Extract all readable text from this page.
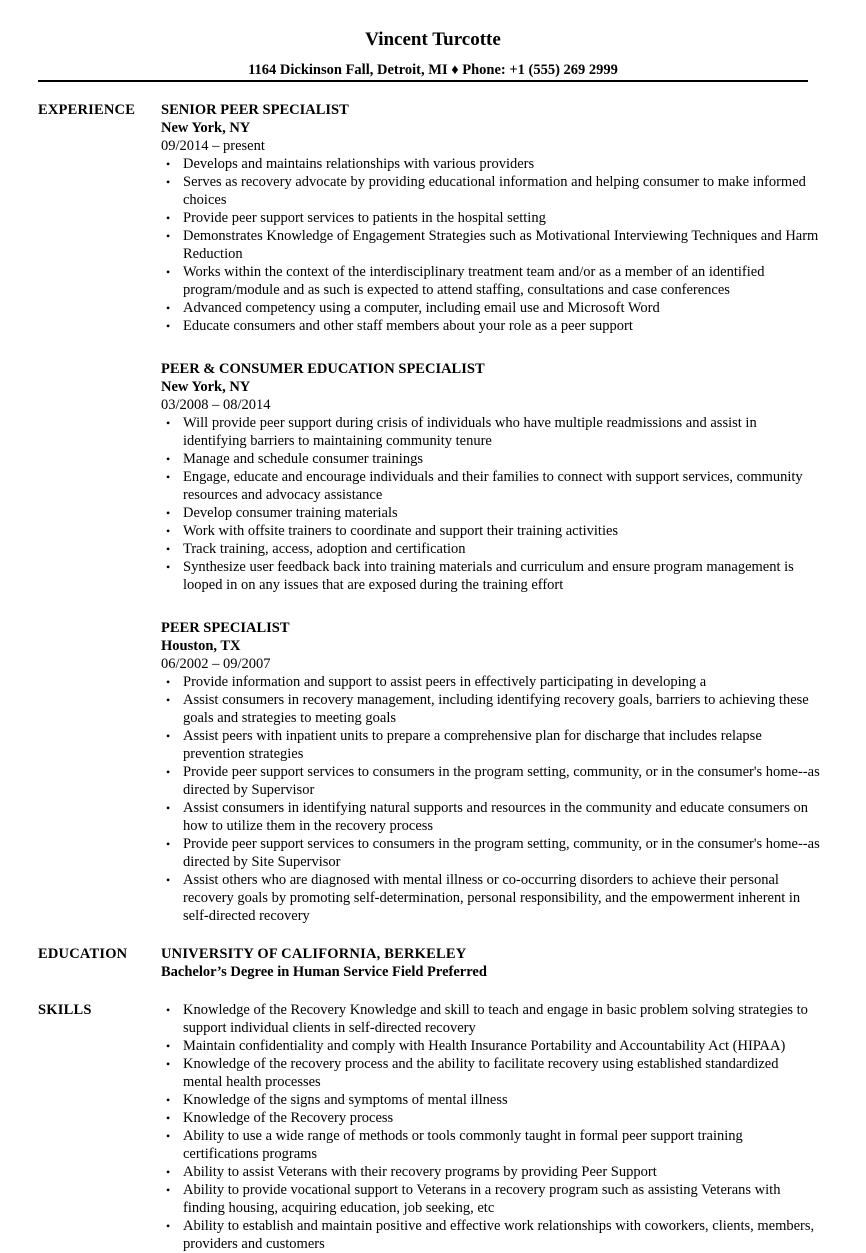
Vincent Turcotte
1164 Dickinson Fall, Detroit, MI ♦ Phone: +1 (555) 269 2999
EXPERIENCE SENIOR PEER SPECIALIST
New York, NY
09/2014 – present
• Develops and maintains relationships with various providers
• Serves as recovery advocate by providing educational information and helping consumer to make informed choices
• Provide peer support services to patients in the hospital setting
• Demonstrates Knowledge of Engagement Strategies such as Motivational Interviewing Techniques and Harm Reduction
• Works within the context of the interdisciplinary treatment team and/or as a member of an identified program/module and as such is expected to attend staffing, consultations and case conferences
• Advanced competency using a computer, including email use and Microsoft Word
• Educate consumers and other staff members about your role as a peer support
PEER & CONSUMER EDUCATION SPECIALIST
New York, NY
03/2008 – 08/2014
• Will provide peer support during crisis of individuals who have multiple readmissions and assist in identifying barriers to maintaining community tenure
• Manage and schedule consumer trainings
• Engage, educate and encourage individuals and their families to connect with support services, community resources and advocacy assistance
• Develop consumer training materials
• Work with offsite trainers to coordinate and support their training activities
• Track training, access, adoption and certification
• Synthesize user feedback back into training materials and curriculum and ensure program management is looped in on any issues that are exposed during the training effort
PEER SPECIALIST
Houston, TX
06/2002 – 09/2007
• Provide information and support to assist peers in effectively participating in developing a
• Assist consumers in recovery management, including identifying recovery goals, barriers to achieving these goals and strategies to meeting goals
• Assist peers with inpatient units to prepare a comprehensive plan for discharge that includes relapse prevention strategies
• Provide peer support services to consumers in the program setting, community, or in the consumer's home--as directed by Supervisor
• Assist consumers in identifying natural supports and resources in the community and educate consumers on how to utilize them in the recovery process
• Provide peer support services to consumers in the program setting, community, or in the consumer's home--as directed by Site Supervisor
• Assist others who are diagnosed with mental illness or co-occurring disorders to achieve their personal recovery goals by promoting self-determination, personal responsibility, and the empowerment inherent in self-directed recovery
EDUCATION UNIVERSITY OF CALIFORNIA, BERKELEY
Bachelor’s Degree in Human Service Field Preferred
SKILLS	• Knowledge of the Recovery Knowledge and skill to teach and engage in basic problem solving strategies to support individual clients in self-directed recovery
• Maintain confidentiality and comply with Health Insurance Portability and Accountability Act (HIPAA)
• Knowledge of the recovery process and the ability to facilitate recovery using established standardized mental health processes
• Knowledge of the signs and symptoms of mental illness
• Knowledge of the Recovery process
• Ability to use a wide range of methods or tools commonly taught in formal peer support training certifications programs
• Ability to assist Veterans with their recovery programs by providing Peer Support
• Ability to provide vocational support to Veterans in a recovery program such as assisting Veterans with finding housing, acquiring education, job seeking, etc
• Ability to establish and maintain positive and effective work relationships with coworkers, clients, members, providers and customers
